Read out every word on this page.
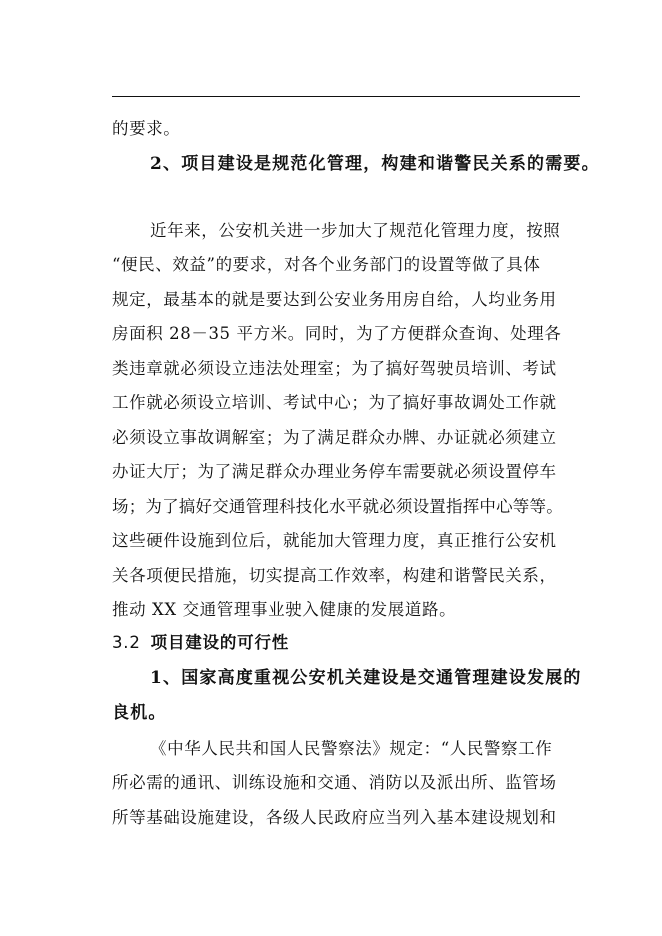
的要求。
2、项目建设是规范化管理，构建和谐警民关系的需要。
近年来，公安机关进一步加大了规范化管理力度，按照
“便民、效益”的要求，对各个业务部门的设置等做了具体
规定，最基本的就是要达到公安业务用房自给，人均业务用
房面积 28－35 平方米。同时，为了方便群众查询、处理各
类违章就必须设立违法处理室；为了搞好驾驶员培训、考试
工作就必须设立培训、考试中心；为了搞好事故调处工作就
必须设立事故调解室；为了满足群众办牌、办证就必须建立
办证大厅；为了满足群众办理业务停车需要就必须设置停车
场；为了搞好交通管理科技化水平就必须设置指挥中心等等。
这些硬件设施到位后，就能加大管理力度，真正推行公安机
关各项便民措施，切实提高工作效率，构建和谐警民关系，
推动 XX 交通管理事业驶入健康的发展道路。
3.2 项目建设的可行性
1、国家高度重视公安机关建设是交通管理建设发展的
良机。
《中华人民共和国人民警察法》规定：“人民警察工作
所必需的通讯、训练设施和交通、消防以及派出所、监管场
所等基础设施建设，各级人民政府应当列入基本建设规划和
